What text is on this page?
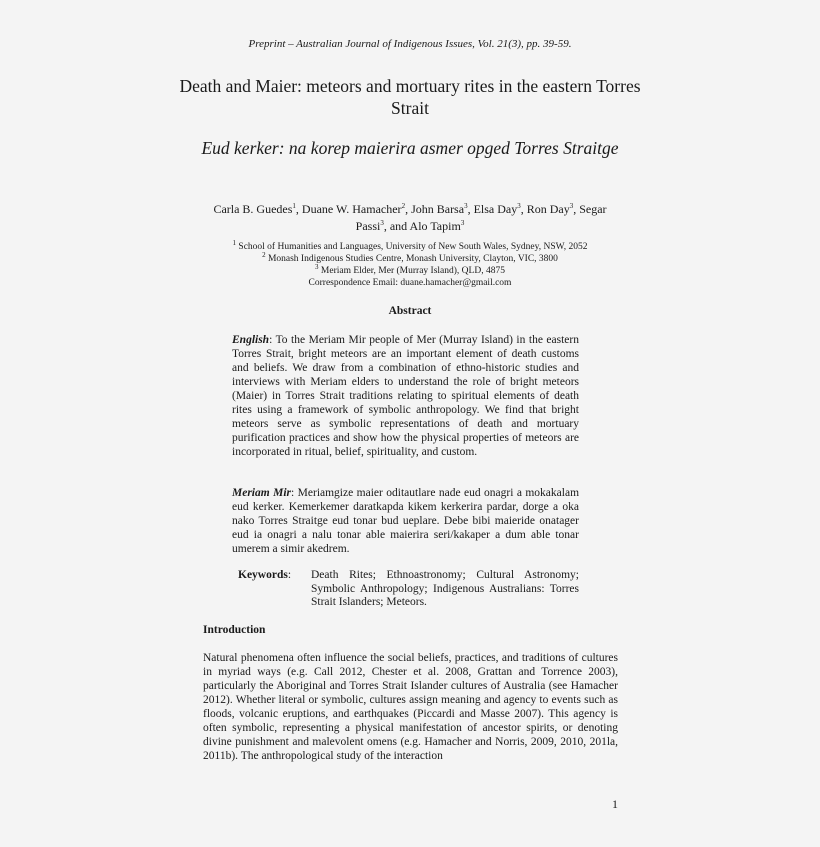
Preprint – Australian Journal of Indigenous Issues, Vol. 21(3), pp. 39-59.
Death and Maier: meteors and mortuary rites in the eastern Torres Strait
Eud kerker: na korep maierira asmer opged Torres Straitge
Carla B. Guedes$^1$, Duane W. Hamacher$^2$, John Barsa$^3$, Elsa Day$^3$, Ron Day$^3$, Segar Passi$^3$, and Alo Tapim$^3$
$^1$ School of Humanities and Languages, University of New South Wales, Sydney, NSW, 2052
$^2$ Monash Indigenous Studies Centre, Monash University, Clayton, VIC, 3800
$^3$ Meriam Elder, Mer (Murray Island), QLD, 4875
Correspondence Email: duane.hamacher@gmail.com
Abstract
English: To the Meriam Mir people of Mer (Murray Island) in the eastern Torres Strait, bright meteors are an important element of death customs and beliefs. We draw from a combination of ethno-historic studies and interviews with Meriam elders to understand the role of bright meteors (Maier) in Torres Strait traditions relating to spiritual elements of death rites using a framework of symbolic anthropology. We find that bright meteors serve as symbolic representations of death and mortuary purification practices and show how the physical properties of meteors are incorporated in ritual, belief, spirituality, and custom.
Meriam Mir: Meriamgize maier oditautlare nade eud onagri a mokakalam eud kerker. Kemerkemer daratkapda kikem kerkerira pardar, dorge a oka nako Torres Straitge eud tonar bud ueplare. Debe bibi maieride onatager eud ia onagri a nalu tonar able maierira seri/kakaper a dum able tonar umerem a simir akedrem.
Keywords: Death Rites; Ethnoastronomy; Cultural Astronomy; Symbolic Anthropology; Indigenous Australians: Torres Strait Islanders; Meteors.
Introduction
Natural phenomena often influence the social beliefs, practices, and traditions of cultures in myriad ways (e.g. Call 2012, Chester et al. 2008, Grattan and Torrence 2003), particularly the Aboriginal and Torres Strait Islander cultures of Australia (see Hamacher 2012). Whether literal or symbolic, cultures assign meaning and agency to events such as floods, volcanic eruptions, and earthquakes (Piccardi and Masse 2007). This agency is often symbolic, representing a physical manifestation of ancestor spirits, or denoting divine punishment and malevolent omens (e.g. Hamacher and Norris, 2009, 2010, 201la, 2011b). The anthropological study of the interaction
1
